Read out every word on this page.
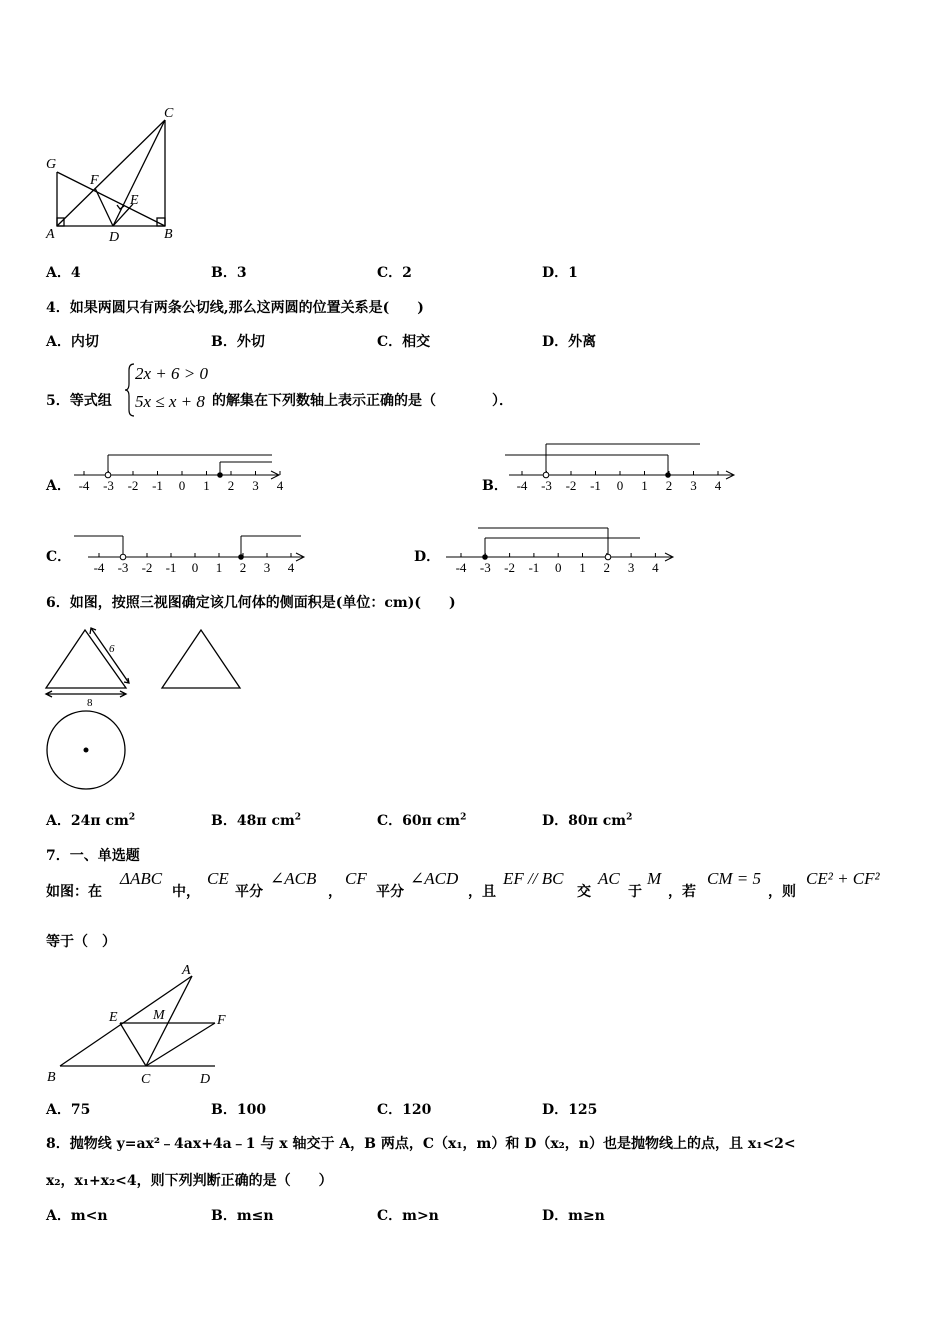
G
F
C
E
A	D	B
A．4	B．3	C．2	D．1
4．如果两圆只有两条公切线,那么这两圆的位置关系是(　　)
A．内切	B．外切	C．相交	D．外离
5．等式组
2x + 6 > 0
5x ≤ x + 8 的解集在下列数轴上表示正确的是（　　　　）．
A．	B．
C．	D．
-4 -3 -2 -1 0 1 2 3 4	-4 -3 -2 -1 0 1 2 3 4
-4 -3 -2 -1 0 1 2 3 4	-4 -3 -2 -1 0 1 2 3 4
6．如图，按照三视图确定该几何体的侧面积是(单位：cm)(　　)
6
8
A．24π $cm^2$	B．48π $cm^2$	C．60π $cm^2$	D．80π $cm^2$
7．一、单选题
如图：在
ΔABC
中，
CE
平分
∠ACB
，
CF
平分
∠ACD
，且
EF // BC
交
AC
于
M
，若
CM = 5
，则
CE² + CF²
等于（　）
A
E	M	F
B	C	D
A．75	B．100	C．120	D．125
8．抛物线 y=ax²﹣4ax+4a﹣1 与 x 轴交于 A，B 两点，C（x₁，m）和 D（x₂，n）也是抛物线上的点，且 x₁<2<
x₂，x₁+x₂<4，则下列判断正确的是（　　）
A．m<n	B．m≤n	C．m>n	D．m≥n
